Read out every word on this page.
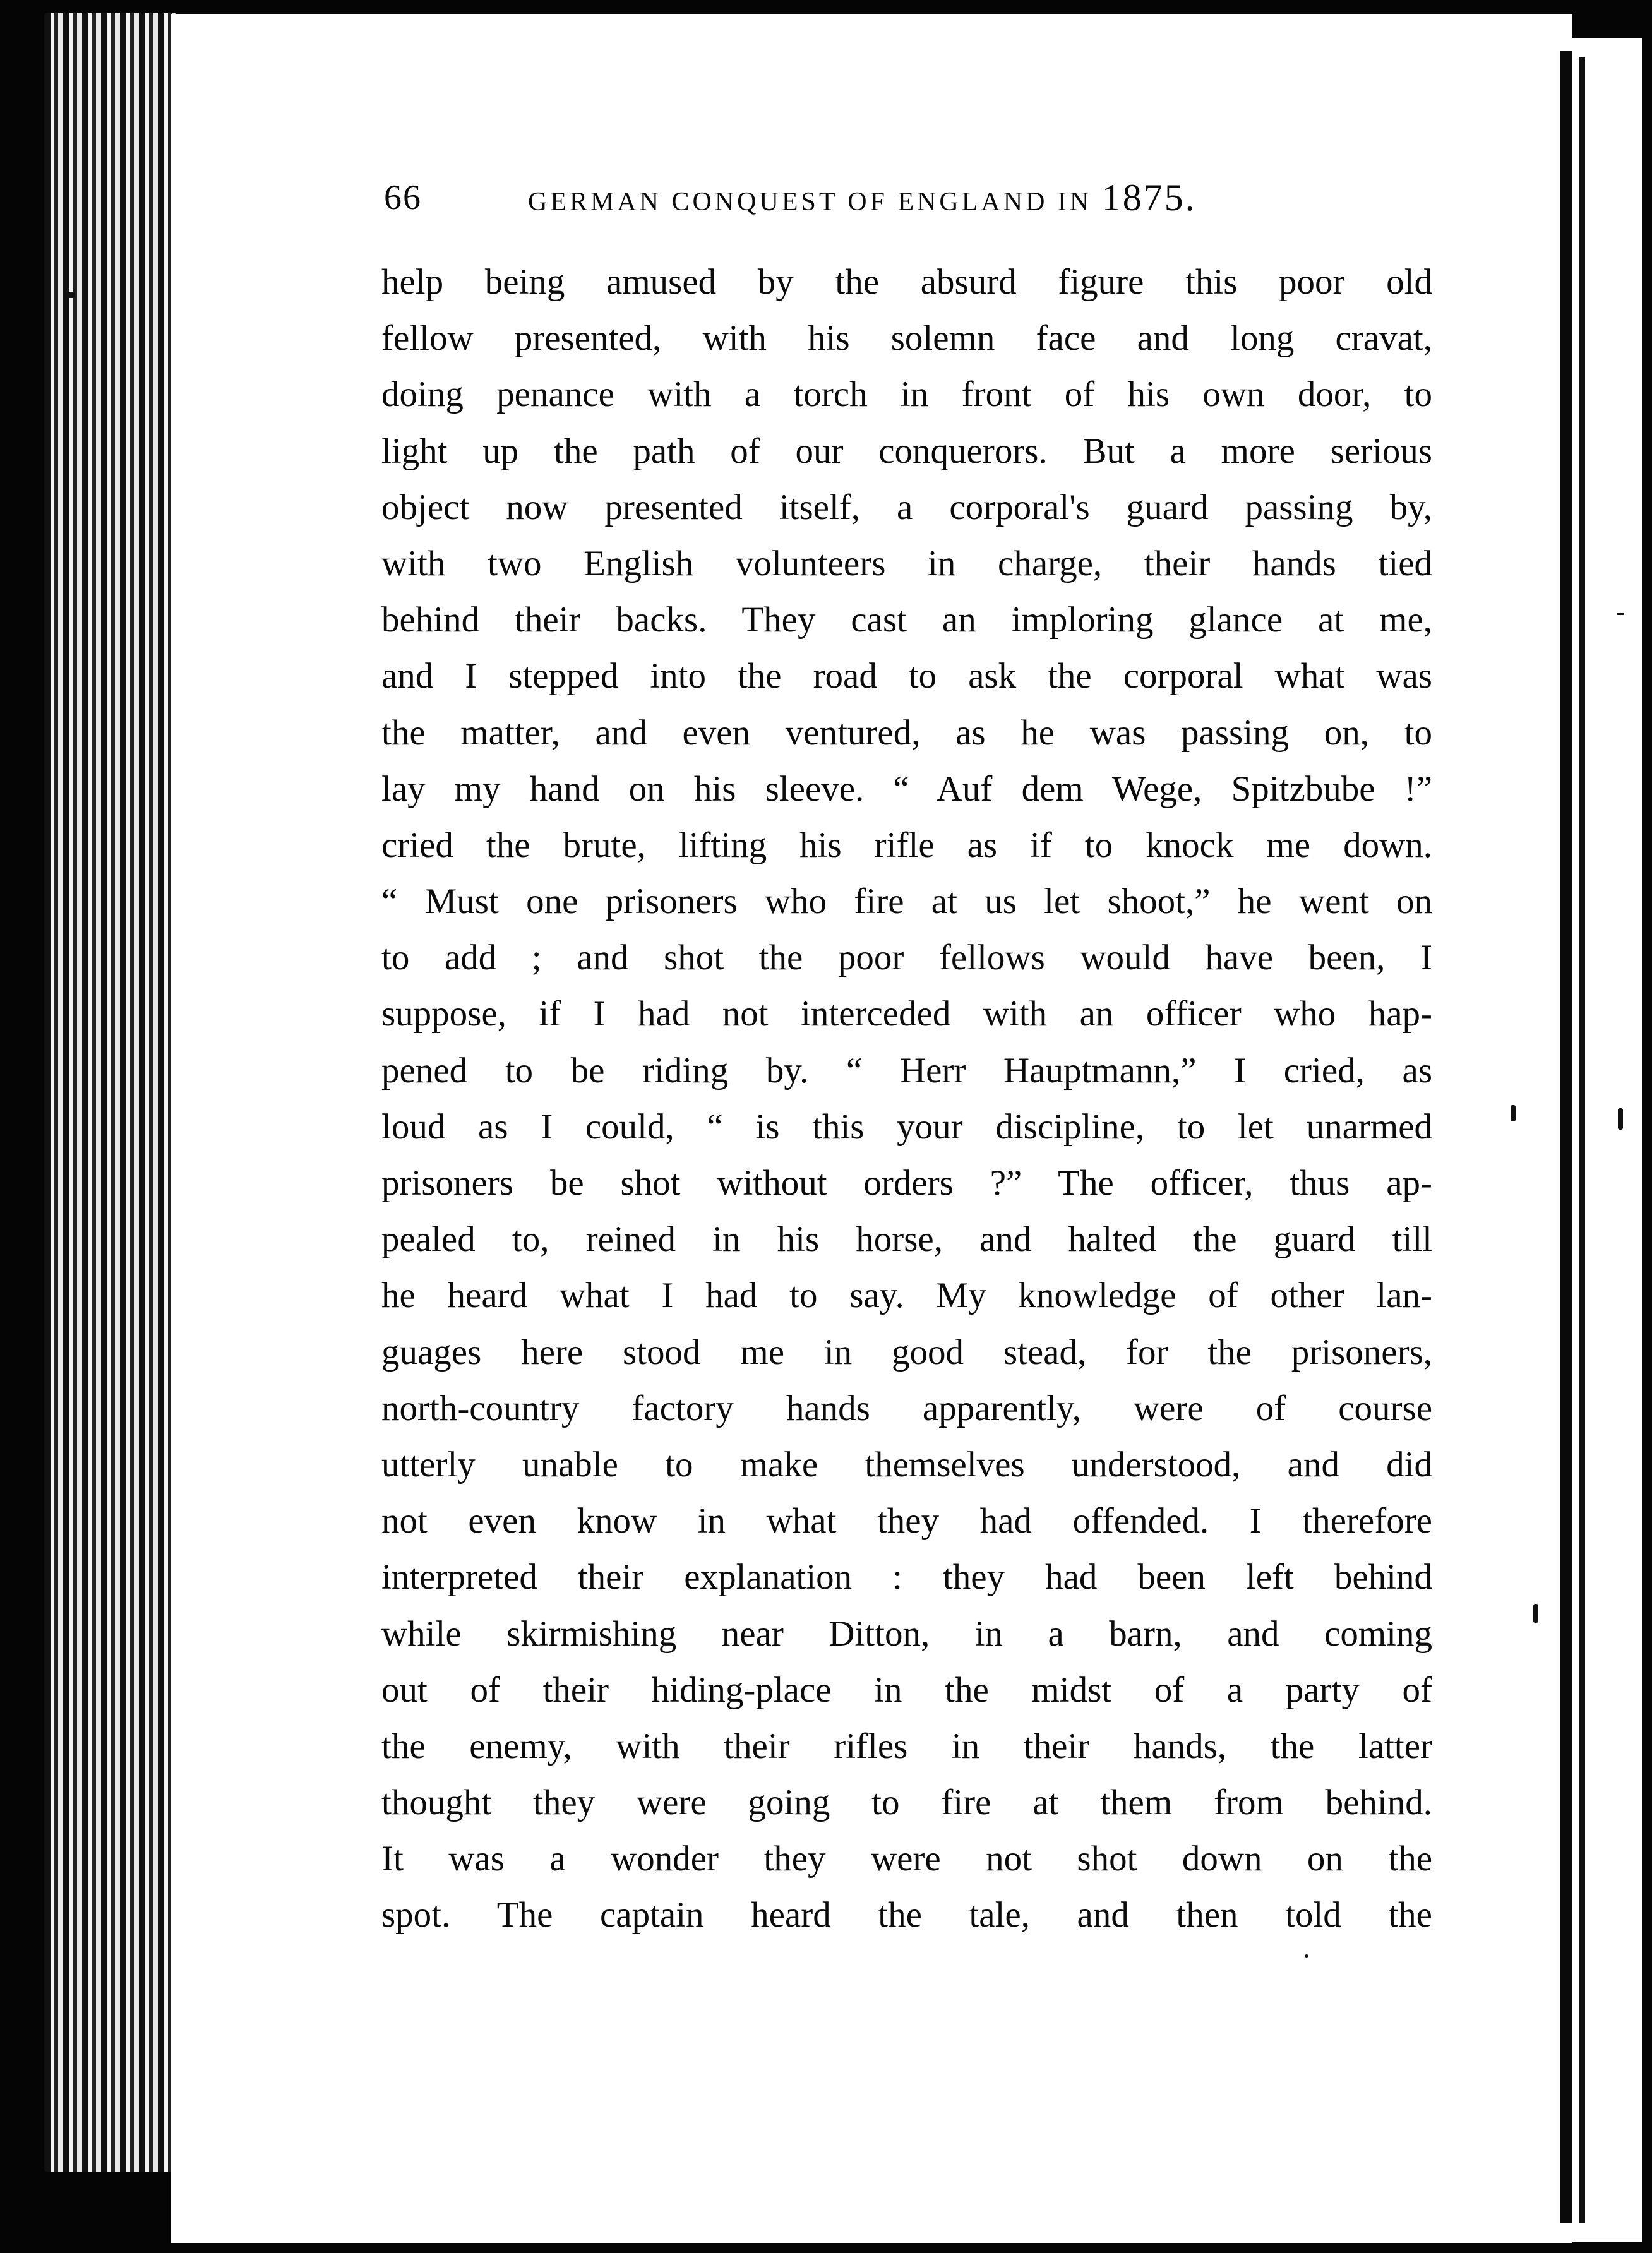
66	GERMAN CONQUEST OF ENGLAND IN 1875.
help being amused by the absurd figure this poor old
fellow presented, with his solemn face and long cravat,
doing penance with a torch in front of his own door, to
light up the path of our conquerors. But a more serious
object now presented itself, a corporal's guard passing by,
with two English volunteers in charge, their hands tied
behind their backs. They cast an imploring glance at me,
and I stepped into the road to ask the corporal what was
the matter, and even ventured, as he was passing on, to
lay my hand on his sleeve. “ Auf dem Wege, Spitzbube !”
cried the brute, lifting his rifle as if to knock me down.
“ Must one prisoners who fire at us let shoot,” he went on
to add ; and shot the poor fellows would have been, I
suppose, if I had not interceded with an officer who hap-
pened to be riding by. “ Herr Hauptmann,” I cried, as
loud as I could, “ is this your discipline, to let unarmed
prisoners be shot without orders ?” The officer, thus ap-
pealed to, reined in his horse, and halted the guard till
he heard what I had to say. My knowledge of other lan-
guages here stood me in good stead, for the prisoners,
north-country factory hands apparently, were of course
utterly unable to make themselves understood, and did
not even know in what they had offended. I therefore
interpreted their explanation : they had been left behind
while skirmishing near Ditton, in a barn, and coming
out of their hiding-place in the midst of a party of
the enemy, with their rifles in their hands, the latter
thought they were going to fire at them from behind.
It was a wonder they were not shot down on the
spot. The captain heard the tale, and then told the
